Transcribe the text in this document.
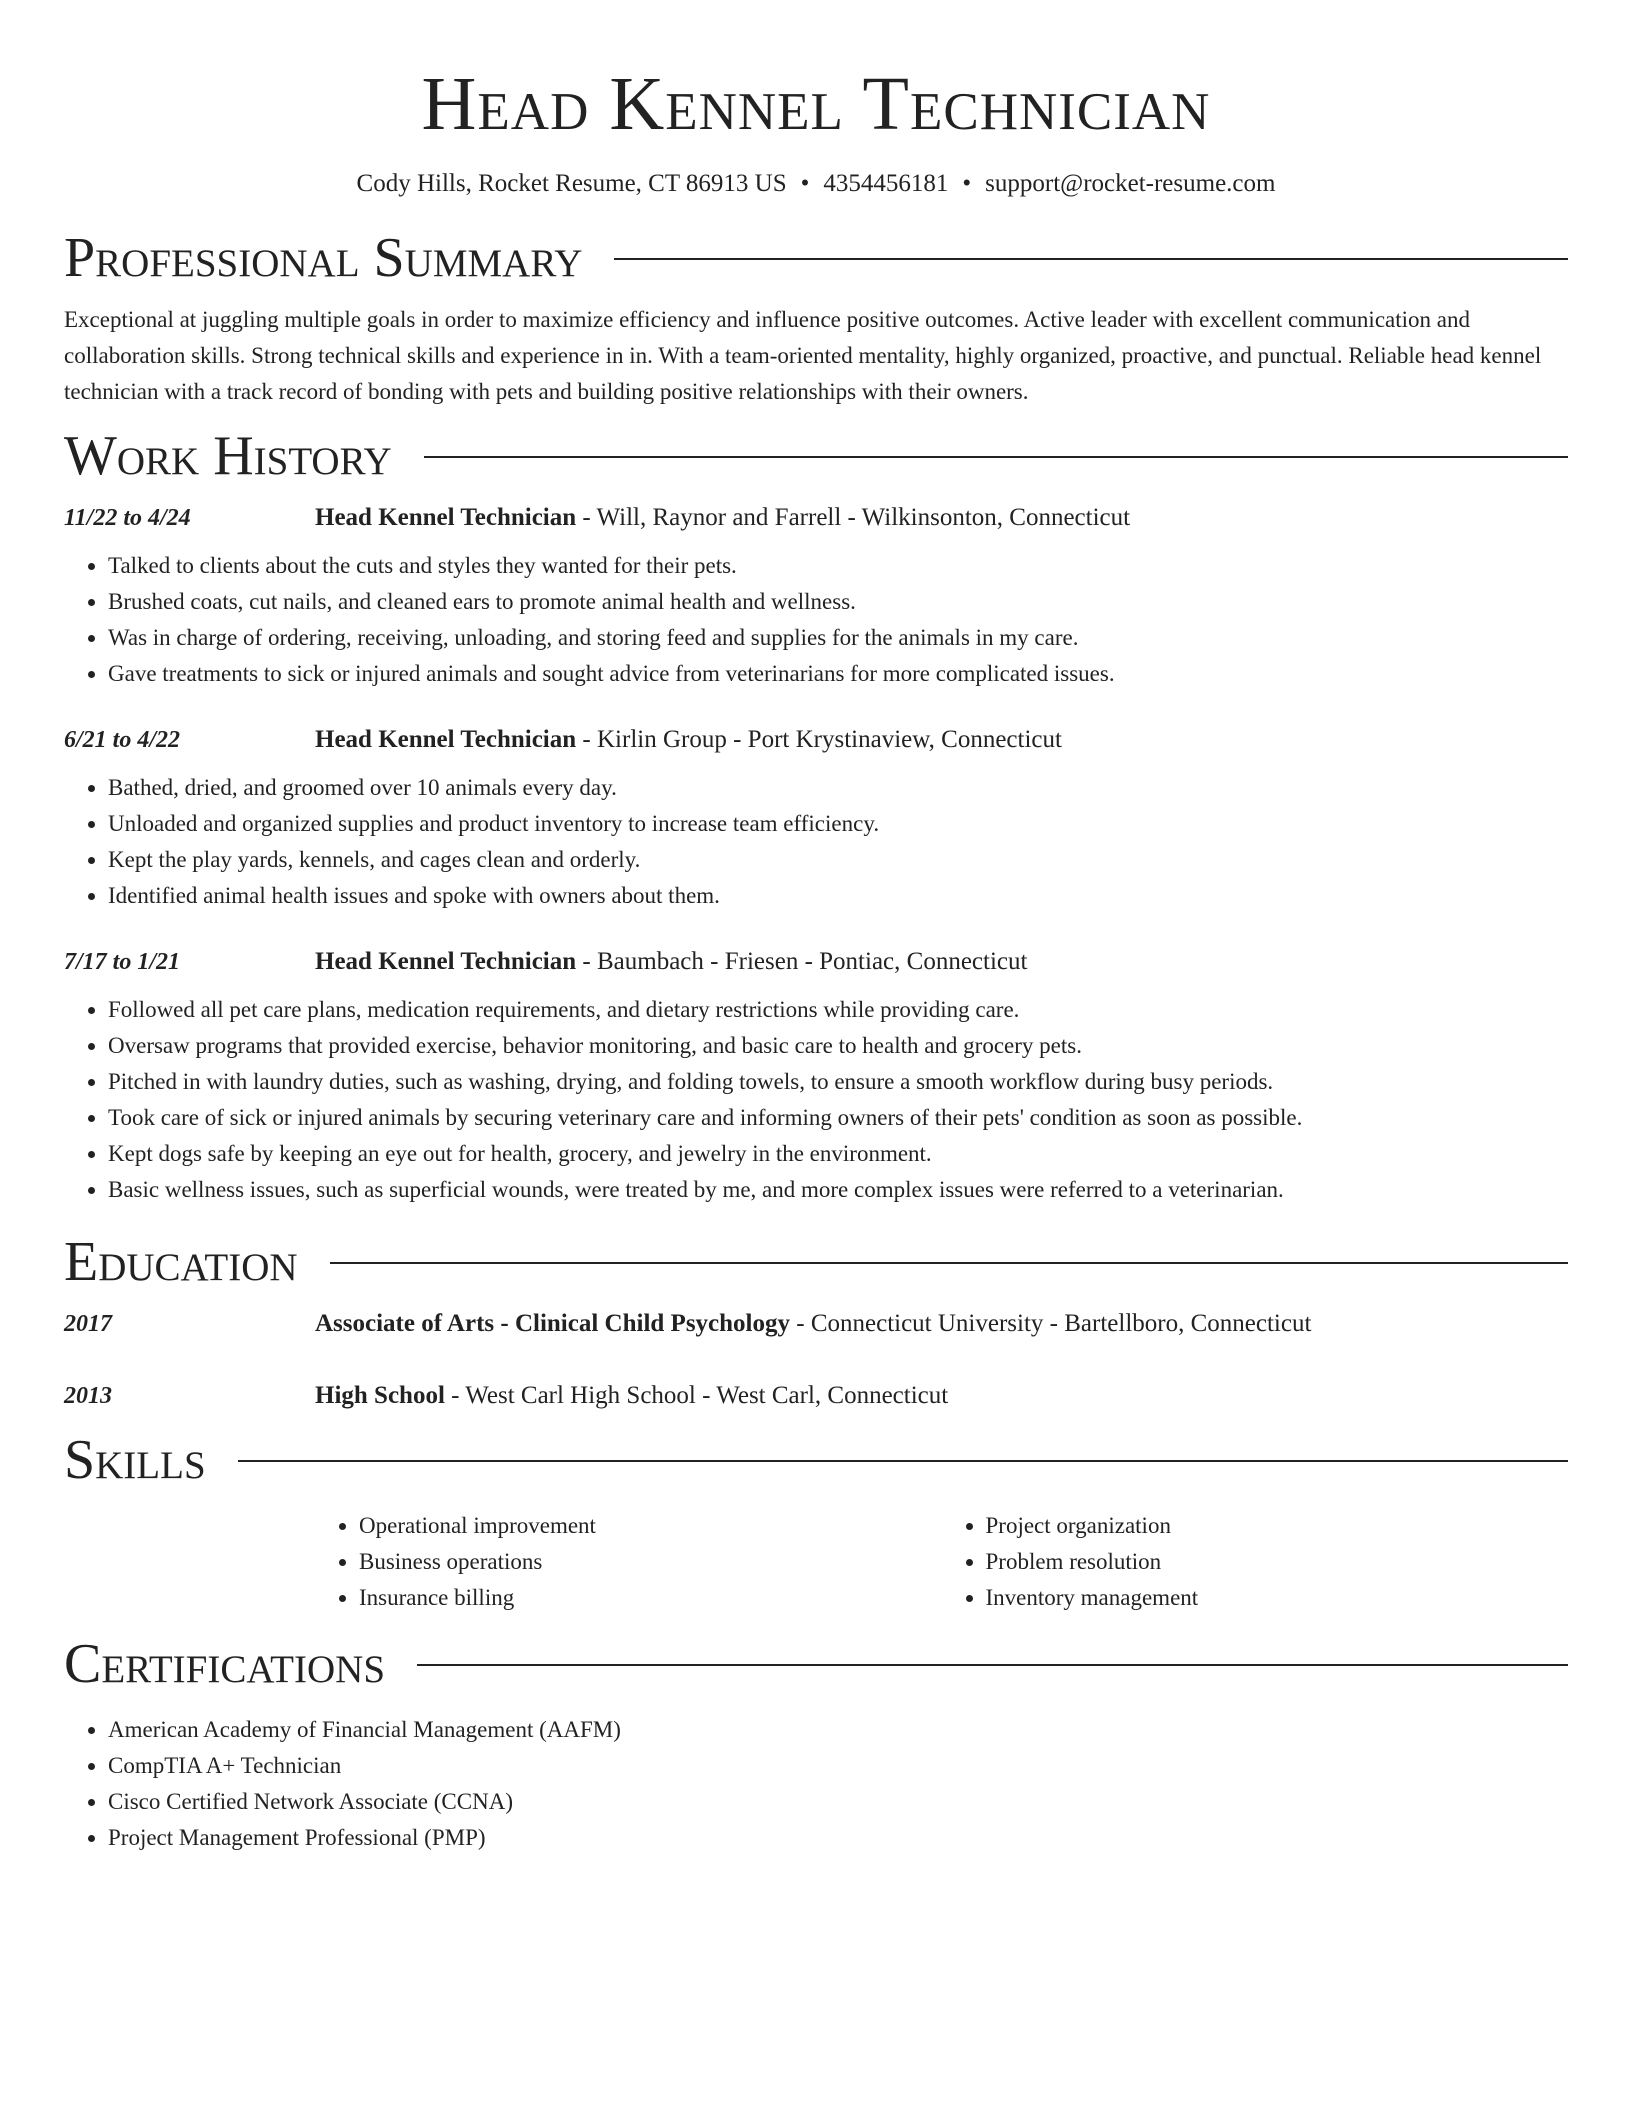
Head Kennel Technician
Cody Hills, Rocket Resume, CT 86913 US • 4354456181 • support@rocket-resume.com
Professional Summary

Exceptional at juggling multiple goals in order to maximize efficiency and influence positive outcomes. Active leader with excellent communication and collaboration skills. Strong technical skills and experience in in. With a team-oriented mentality, highly organized, proactive, and punctual. Reliable head kennel technician with a track record of bonding with pets and building positive relationships with their owners.

Work History
11/22 to 4/24	Head Kennel Technician - Will, Raynor and Farrell - Wilkinsonton, Connecticut
• Talked to clients about the cuts and styles they wanted for their pets.
• Brushed coats, cut nails, and cleaned ears to promote animal health and wellness.
• Was in charge of ordering, receiving, unloading, and storing feed and supplies for the animals in my care.
• Gave treatments to sick or injured animals and sought advice from veterinarians for more complicated issues.
6/21 to 4/22	Head Kennel Technician - Kirlin Group - Port Krystinaview, Connecticut
• Bathed, dried, and groomed over 10 animals every day.
• Unloaded and organized supplies and product inventory to increase team efficiency.
• Kept the play yards, kennels, and cages clean and orderly.
• Identified animal health issues and spoke with owners about them.
7/17 to 1/21	Head Kennel Technician - Baumbach - Friesen - Pontiac, Connecticut
• Followed all pet care plans, medication requirements, and dietary restrictions while providing care.
• Oversaw programs that provided exercise, behavior monitoring, and basic care to health and grocery pets.
• Pitched in with laundry duties, such as washing, drying, and folding towels, to ensure a smooth workflow during busy periods.
• Took care of sick or injured animals by securing veterinary care and informing owners of their pets' condition as soon as possible.
• Kept dogs safe by keeping an eye out for health, grocery, and jewelry in the environment.
• Basic wellness issues, such as superficial wounds, were treated by me, and more complex issues were referred to a veterinarian.
Education
2017	Associate of Arts - Clinical Child Psychology - Connecticut University - Bartellboro, Connecticut
2013	High School - West Carl High School - West Carl, Connecticut
Skills
• Operational improvement
• Business operations
• Insurance billing
• Project organization
• Problem resolution
• Inventory management
Certifications
• American Academy of Financial Management (AAFM)
• CompTIA A+ Technician
• Cisco Certified Network Associate (CCNA)
• Project Management Professional (PMP)
